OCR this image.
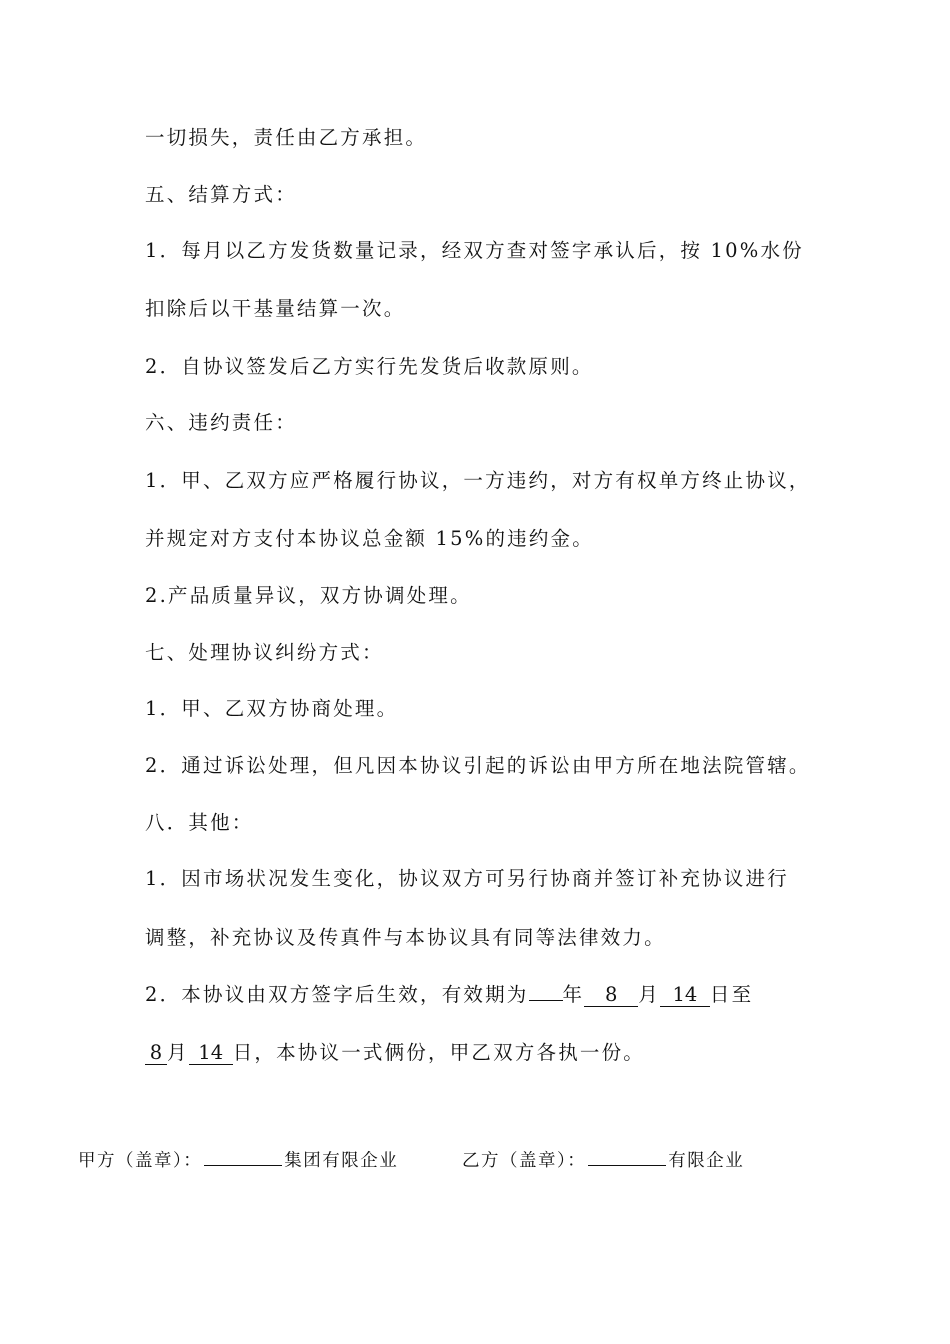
一切损失，责任由乙方承担。
五、结算方式：
1．每月以乙方发货数量记录，经双方查对签字承认后，按 10%水份
扣除后以干基量结算一次。
2．自协议签发后乙方实行先发货后收款原则。
六、违约责任：
1．甲、乙双方应严格履行协议，一方违约，对方有权单方终止协议，
并规定对方支付本协议总金额 15%的违约金。
2.产品质量异议，双方协调处理。
七、处理协议纠纷方式：
1．甲、乙双方协商处理。
2．通过诉讼处理，但凡因本协议引起的诉讼由甲方所在地法院管辖。
八．其他：
1．因市场状况发生变化，协议双方可另行协商并签订补充协议进行
调整，补充协议及传真件与本协议具有同等法律效力。
2．本协议由双方签字后生效，有效期为 年 8 月 14 日至
8 月 14 日，本协议一式俩份，甲乙双方各执一份。
甲方（盖章）：	集团有限企业	乙方（盖章）：	有限企业
